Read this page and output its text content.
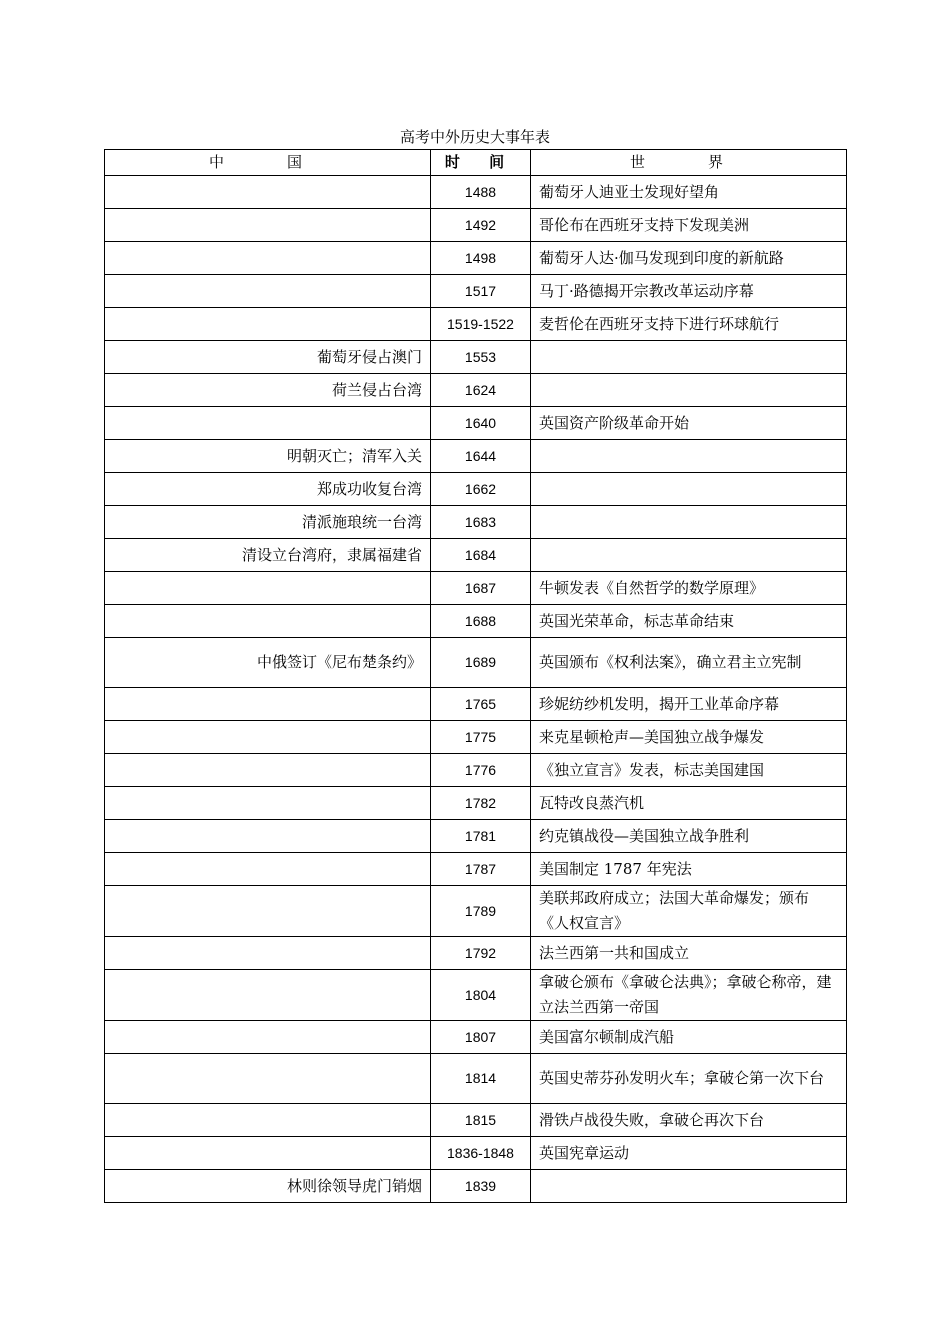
高考中外历史大事年表
中　国	时 间	世　界
	1488	葡萄牙人迪亚士发现好望角
	1492	哥伦布在西班牙支持下发现美洲
	1498	葡萄牙人达·伽马发现到印度的新航路
	1517	马丁·路德揭开宗教改革运动序幕
	1519-1522	麦哲伦在西班牙支持下进行环球航行
葡萄牙侵占澳门	1553	
荷兰侵占台湾	1624	
	1640	英国资产阶级革命开始
明朝灭亡；清军入关	1644	
郑成功收复台湾	1662	
清派施琅统一台湾	1683	
清设立台湾府，隶属福建省	1684	
	1687	牛顿发表《自然哲学的数学原理》
	1688	英国光荣革命，标志革命结束
中俄签订《尼布楚条约》	1689	英国颁布《权利法案》，确立君主立宪制
	1765	珍妮纺纱机发明，揭开工业革命序幕
	1775	来克星顿枪声—美国独立战争爆发
	1776	《独立宣言》发表，标志美国建国
	1782	瓦特改良蒸汽机
	1781	约克镇战役—美国独立战争胜利
	1787	美国制定 1787 年宪法
	1789	美联邦政府成立；法国大革命爆发；颁布《人权宣言》
	1792	法兰西第一共和国成立
	1804	拿破仑颁布《拿破仑法典》；拿破仑称帝，建立法兰西第一帝国
	1807	美国富尔顿制成汽船
	1814	英国史蒂芬孙发明火车；拿破仑第一次下台
	1815	滑铁卢战役失败，拿破仑再次下台
	1836-1848	英国宪章运动
林则徐领导虎门销烟	1839	
